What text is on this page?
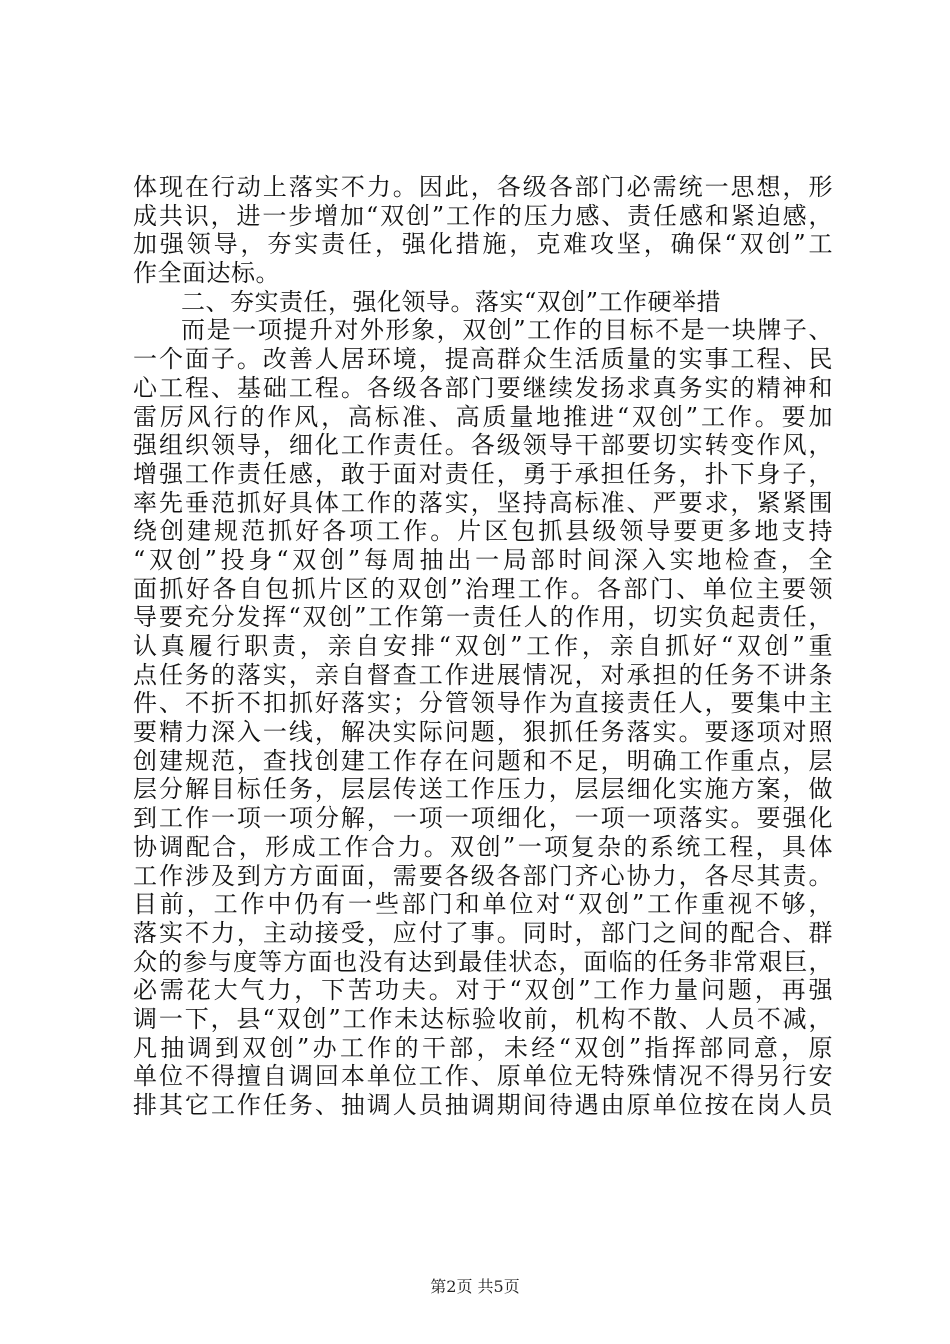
体现在行动上落实不力。因此，各级各部门必需统一思想，形
成共识，进一步增加“双创”工作的压力感、责任感和紧迫感，
加强领导，夯实责任，强化措施，克难攻坚，确保“双创”工
作全面达标。
二、夯实责任，强化领导。落实“双创”工作硬举措
而是一项提升对外形象，双创”工作的目标不是一块牌子、
一个面子。改善人居环境，提高群众生活质量的实事工程、民
心工程、基础工程。各级各部门要继续发扬求真务实的精神和
雷厉风行的作风，高标准、高质量地推进“双创”工作。要加
强组织领导，细化工作责任。各级领导干部要切实转变作风，
增强工作责任感，敢于面对责任，勇于承担任务，扑下身子，
率先垂范抓好具体工作的落实，坚持高标准、严要求，紧紧围
绕创建规范抓好各项工作。片区包抓县级领导要更多地支持
“双创”投身“双创”每周抽出一局部时间深入实地检查，全
面抓好各自包抓片区的双创”治理工作。各部门、单位主要领
导要充分发挥“双创”工作第一责任人的作用，切实负起责任，
认真履行职责，亲自安排“双创”工作，亲自抓好“双创”重
点任务的落实，亲自督查工作进展情况，对承担的任务不讲条
件、不折不扣抓好落实；分管领导作为直接责任人，要集中主
要精力深入一线，解决实际问题，狠抓任务落实。要逐项对照
创建规范，查找创建工作存在问题和不足，明确工作重点，层
层分解目标任务，层层传送工作压力，层层细化实施方案，做
到工作一项一项分解，一项一项细化，一项一项落实。要强化
协调配合，形成工作合力。双创”一项复杂的系统工程，具体
工作涉及到方方面面，需要各级各部门齐心协力，各尽其责。
目前，工作中仍有一些部门和单位对“双创”工作重视不够，
落实不力，主动接受，应付了事。同时，部门之间的配合、群
众的参与度等方面也没有达到最佳状态，面临的任务非常艰巨，
必需花大气力，下苦功夫。对于“双创”工作力量问题，再强
调一下，县“双创”工作未达标验收前，机构不散、人员不减，
凡抽调到双创”办工作的干部，未经“双创”指挥部同意，原
单位不得擅自调回本单位工作、原单位无特殊情况不得另行安
排其它工作任务、抽调人员抽调期间待遇由原单位按在岗人员
第2页 共5页
